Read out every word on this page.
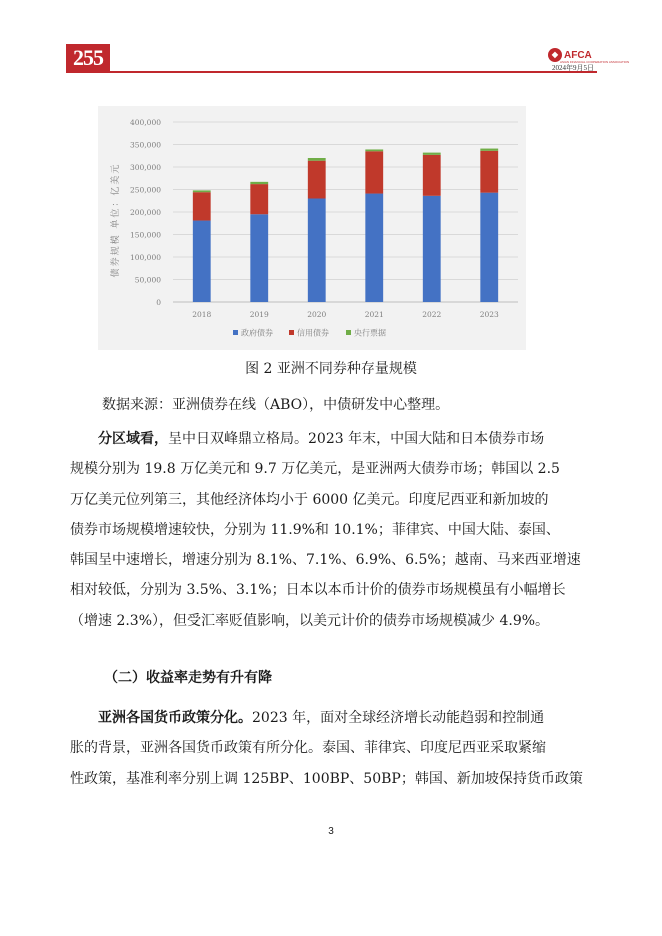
255	◆ AFCA
ASIAN FINANCIAL COOPERATION ASSOCIATION
2024年9月5日
0
50,000
100,000
150,000
200,000
250,000
300,000
350,000
400,000
2018	2019	2020	2021	2022	2023
债券规模 单位：亿美元
政府债券	信用债券	央行票据
图 2 亚洲不同券种存量规模
数据来源：亚洲债券在线（ABO），中债研发中心整理。
分区域看，呈中日双峰鼎立格局。2023 年末，中国大陆和日本债券市场
规模分别为 19.8 万亿美元和 9.7 万亿美元，是亚洲两大债券市场；韩国以 2.5
万亿美元位列第三，其他经济体均小于 6000 亿美元。印度尼西亚和新加坡的
债券市场规模增速较快，分别为 11.9%和 10.1%；菲律宾、中国大陆、泰国、
韩国呈中速增长，增速分别为 8.1%、7.1%、6.9%、6.5%；越南、马来西亚增速
相对较低，分别为 3.5%、3.1%；日本以本币计价的债券市场规模虽有小幅增长
（增速 2.3%），但受汇率贬值影响，以美元计价的债券市场规模减少 4.9%。
（二）收益率走势有升有降
亚洲各国货币政策分化。2023 年，面对全球经济增长动能趋弱和控制通
胀的背景，亚洲各国货币政策有所分化。泰国、菲律宾、印度尼西亚采取紧缩
性政策，基准利率分别上调 125BP、100BP、50BP；韩国、新加坡保持货币政策
3
